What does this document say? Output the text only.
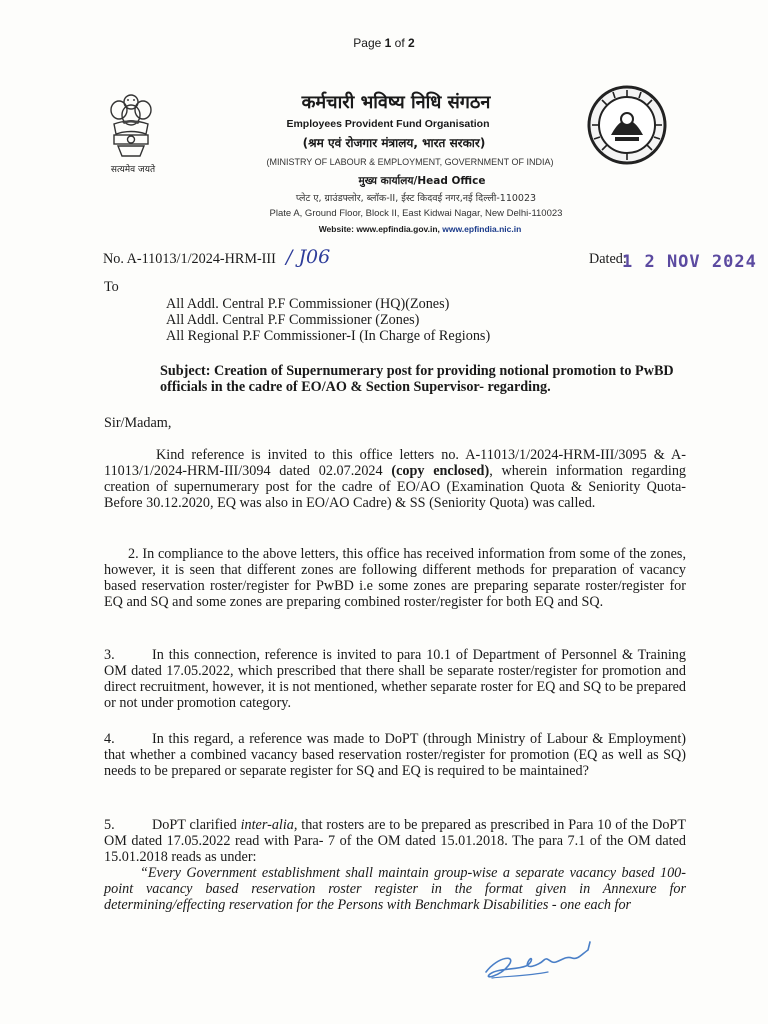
Page 1 of 2
सत्यमेव जयते
कर्मचारी भविष्य निधि संगठन
Employees Provident Fund Organisation
(श्रम एवं रोजगार मंत्रालय, भारत सरकार)
(MINISTRY OF LABOUR & EMPLOYMENT, GOVERNMENT OF INDIA)
मुख्य कार्यालय/Head Office
प्लेट ए, ग्राउंडफ्लोर, ब्लॉक-II, ईस्ट किदवई नगर,नई दिल्ली-110023
Plate A, Ground Floor, Block II, East Kidwai Nagar, New Delhi-110023
Website: www.epfindia.gov.in, www.epfindia.nic.in
No. A-11013/1/2024-HRM-III / J06	Dated:
1 2 NOV 2024
To
All Addl. Central P.F Commissioner (HQ)(Zones)
All Addl. Central P.F Commissioner (Zones)
All Regional P.F Commissioner-I (In Charge of Regions)
Subject: Creation of Supernumerary post for providing notional promotion to PwBD officials in the cadre of EO/AO & Section Supervisor- regarding.
Sir/Madam,
Kind reference is invited to this office letters no. A-11013/1/2024-HRM-III/3095 & A-11013/1/2024-HRM-III/3094 dated 02.07.2024 (copy enclosed), wherein information regarding creation of supernumerary post for the cadre of EO/AO (Examination Quota & Seniority Quota- Before 30.12.2020, EQ was also in EO/AO Cadre) & SS (Seniority Quota) was called.
2. In compliance to the above letters, this office has received information from some of the zones, however, it is seen that different zones are following different methods for preparation of vacancy based reservation roster/register for PwBD i.e some zones are preparing separate roster/register for EQ and SQ and some zones are preparing combined roster/register for both EQ and SQ.
3.	In this connection, reference is invited to para 10.1 of Department of Personnel & Training OM dated 17.05.2022, which prescribed that there shall be separate roster/register for promotion and direct recruitment, however, it is not mentioned, whether separate roster for EQ and SQ to be prepared or not under promotion category.
4.	In this regard, a reference was made to DoPT (through Ministry of Labour & Employment) that whether a combined vacancy based reservation roster/register for promotion (EQ as well as SQ) needs to be prepared or separate register for SQ and EQ is required to be maintained?
5.	DoPT clarified inter-alia, that rosters are to be prepared as prescribed in Para 10 of the DoPT OM dated 17.05.2022 read with Para- 7 of the OM dated 15.01.2018. The para 7.1 of the OM dated 15.01.2018 reads as under:
“Every Government establishment shall maintain group-wise a separate vacancy based 100-point vacancy based reservation roster register in the format given in Annexure for determining/effecting reservation for the Persons with Benchmark Disabilities - one each for
